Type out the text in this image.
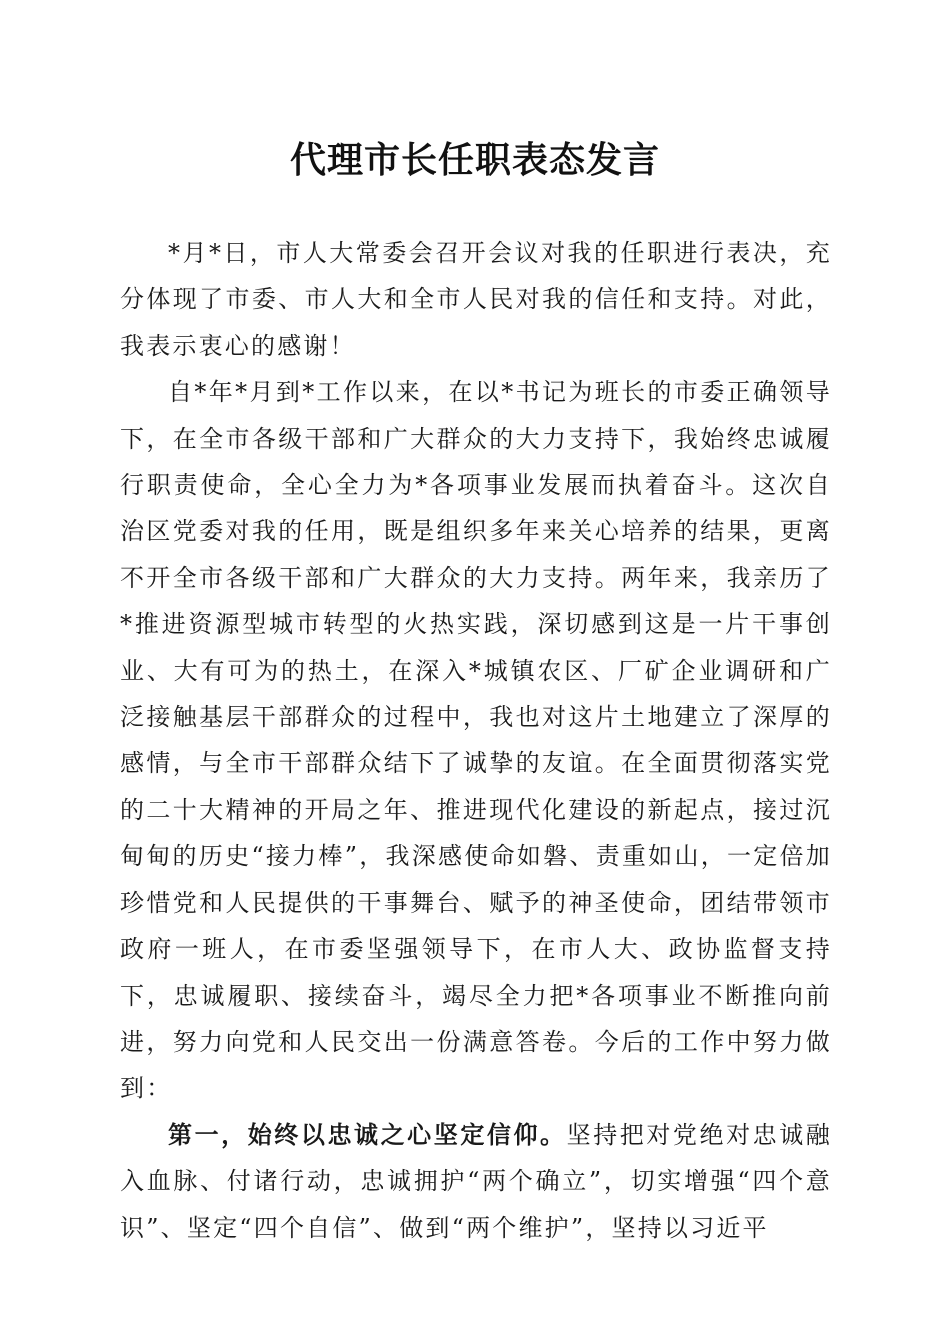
代理市长任职表态发言

*月*日，市人大常委会召开会议对我的任职进行表决，充分体现了市委、市人大和全市人民对我的信任和支持。对此，我表示衷心的感谢！

自*年*月到*工作以来，在以*书记为班长的市委正确领导下，在全市各级干部和广大群众的大力支持下，我始终忠诚履行职责使命，全心全力为*各项事业发展而执着奋斗。这次自治区党委对我的任用，既是组织多年来关心培养的结果，更离不开全市各级干部和广大群众的大力支持。两年来，我亲历了*推进资源型城市转型的火热实践，深切感到这是一片干事创业、大有可为的热土，在深入*城镇农区、厂矿企业调研和广泛接触基层干部群众的过程中，我也对这片土地建立了深厚的感情，与全市干部群众结下了诚挚的友谊。在全面贯彻落实党的二十大精神的开局之年、推进现代化建设的新起点，接过沉甸甸的历史“接力棒”，我深感使命如磐、责重如山，一定倍加珍惜党和人民提供的干事舞台、赋予的神圣使命，团结带领市政府一班人，在市委坚强领导下，在市人大、政协监督支持下，忠诚履职、接续奋斗，竭尽全力把*各项事业不断推向前进，努力向党和人民交出一份满意答卷。今后的工作中努力做到：

第一，始终以忠诚之心坚定信仰。坚持把对党绝对忠诚融入血脉、付诸行动，忠诚拥护“两个确立”，切实增强“四个意识”、坚定“四个自信”、做到“两个维护”，坚持以习近平
